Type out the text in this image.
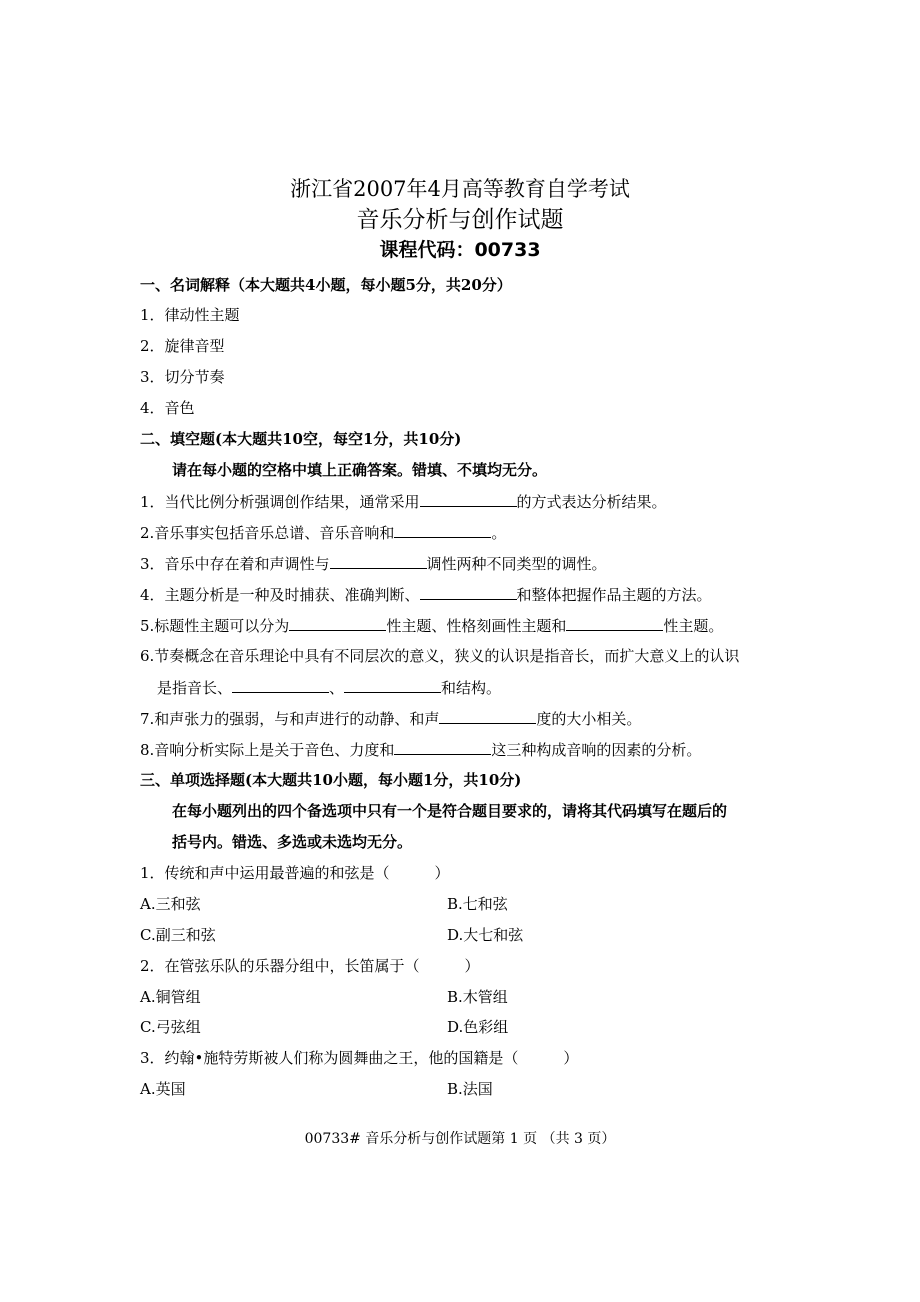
浙江省2007年4月高等教育自学考试
音乐分析与创作试题
课程代码：00733
一、名词解释（本大题共4小题，每小题5分，共20分）
1．律动性主题
2．旋律音型
3．切分节奏
4．音色
二、填空题(本大题共10空，每空1分，共10分)
请在每小题的空格中填上正确答案。错填、不填均无分。
1．当代比例分析强调创作结果，通常采用	的方式表达分析结果。
2.音乐事实包括音乐总谱、音乐音响和	。
3．音乐中存在着和声调性与	调性两种不同类型的调性。
4．主题分析是一种及时捕获、准确判断、	和整体把握作品主题的方法。
5.标题性主题可以分为	性主题、性格刻画性主题和	性主题。
6.节奏概念在音乐理论中具有不同层次的意义，狭义的认识是指音长，而扩大意义上的认识
是指音长、	、	和结构。
7.和声张力的强弱，与和声进行的动静、和声	度的大小相关。
8.音响分析实际上是关于音色、力度和	这三种构成音响的因素的分析。
三、单项选择题(本大题共10小题，每小题1分，共10分)
在每小题列出的四个备选项中只有一个是符合题目要求的，请将其代码填写在题后的
括号内。错选、多选或未选均无分。
1．传统和声中运用最普遍的和弦是（　　　）
A.三和弦	B.七和弦
C.副三和弦	D.大七和弦
2．在管弦乐队的乐器分组中，长笛属于（　　　）
A.铜管组	B.木管组
C.弓弦组	D.色彩组
3．约翰•施特劳斯被人们称为圆舞曲之王，他的国籍是（　　　）
A.英国	B.法国
00733# 音乐分析与创作试题第 1 页 （共 3 页）
